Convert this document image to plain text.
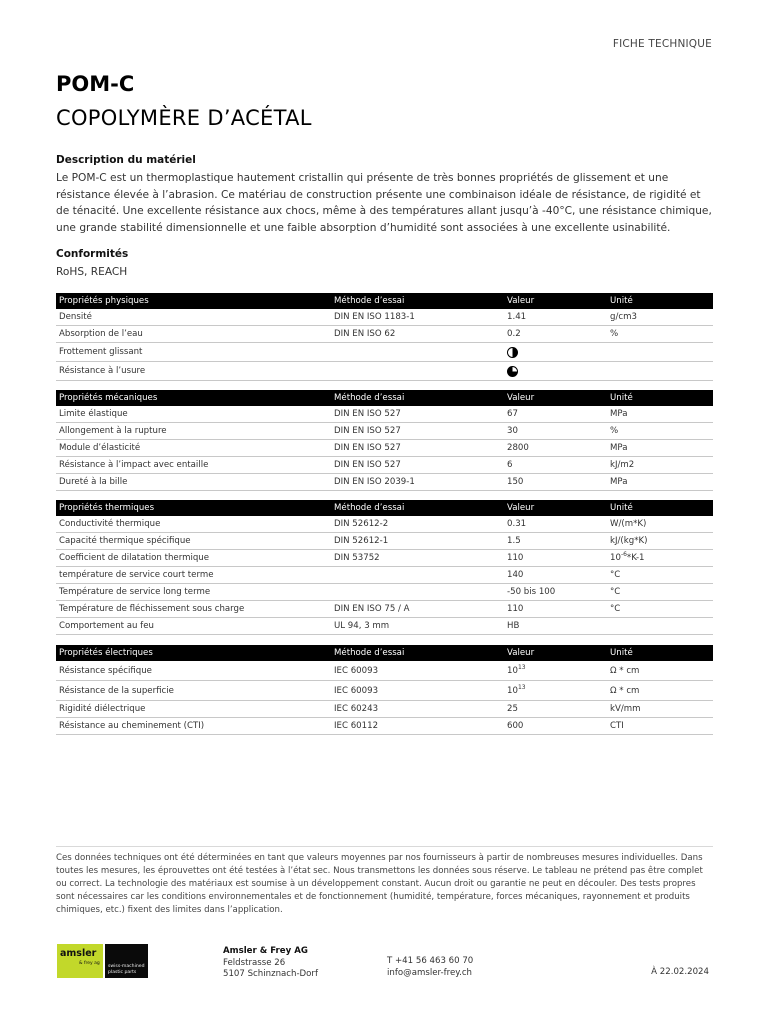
FICHE TECHNIQUE
POM-C
COPOLYMÈRE D’ACÉTAL
Description du matériel

Le POM-C est un thermoplastique hautement cristallin qui présente de très bonnes propriétés de glissement et une résistance élevée à l’abrasion. Ce matériau de construction présente une combinaison idéale de résistance, de rigidité et de ténacité. Une excellente résistance aux chocs, même à des températures allant jusqu’à -40°C, une résistance chimique, une grande stabilité dimensionnelle et une faible absorption d’humidité sont associées à une excellente usinabilité.

Conformités
RoHS, REACH
Propriétés physiques	Méthode d’essai	Valeur	Unité
Densité	DIN EN ISO 1183-1	1.41	g/cm3
Absorption de l’eau	DIN EN ISO 62	0.2	%
Frottement glissant			
Résistance à l’usure			
Propriétés mécaniques	Méthode d’essai	Valeur	Unité
Limite élastique	DIN EN ISO 527	67	MPa
Allongement à la rupture	DIN EN ISO 527	30	%
Module d’élasticité	DIN EN ISO 527	2800	MPa
Résistance à l’impact avec entaille	DIN EN ISO 527	6	kJ/m2
Dureté à la bille	DIN EN ISO 2039-1	150	MPa
Propriétés thermiques	Méthode d’essai	Valeur	Unité
Conductivité thermique	DIN 52612-2	0.31	W/(m*K)
Capacité thermique spécifique	DIN 52612-1	1.5	kJ/(kg*K)
Coefficient de dilatation thermique	DIN 53752	110	$10^{-6}*K-1$
température de service court terme		140	°C
Température de service long terme		-50 bis 100	°C
Température de fléchissement sous charge	DIN EN ISO 75 / A	110	°C
Comportement au feu	UL 94, 3 mm	HB	
Propriétés électriques	Méthode d’essai	Valeur	Unité
Résistance spécifique	IEC 60093	$10^{13}$	Ω * cm
Résistance de la superficie	IEC 60093	$10^{13}$	Ω * cm
Rigidité diélectrique	IEC 60243	25	kV/mm
Résistance au cheminement (CTI)	IEC 60112	600	CTI

Ces données techniques ont été déterminées en tant que valeurs moyennes par nos fournisseurs à partir de nombreuses mesures individuelles. Dans toutes les mesures, les éprouvettes ont été testées à l’état sec. Nous transmettons les données sous réserve. Le tableau ne prétend pas être complet ou correct. La technologie des matériaux est soumise à un développement constant. Aucun droit ou garantie ne peut en découler. Des tests propres sont nécessaires car les conditions environnementales et de fonctionnement (humidité, température, forces mécaniques, rayonnement et produits chimiques, etc.) fixent des limites dans l’application.

amsler
& frey ag
swiss-machined plastic parts
Amsler & Frey AG
Feldstrasse 26
5107 Schinznach-Dorf
T +41 56 463 60 70
info@amsler-frey.ch	À 22.02.2024
